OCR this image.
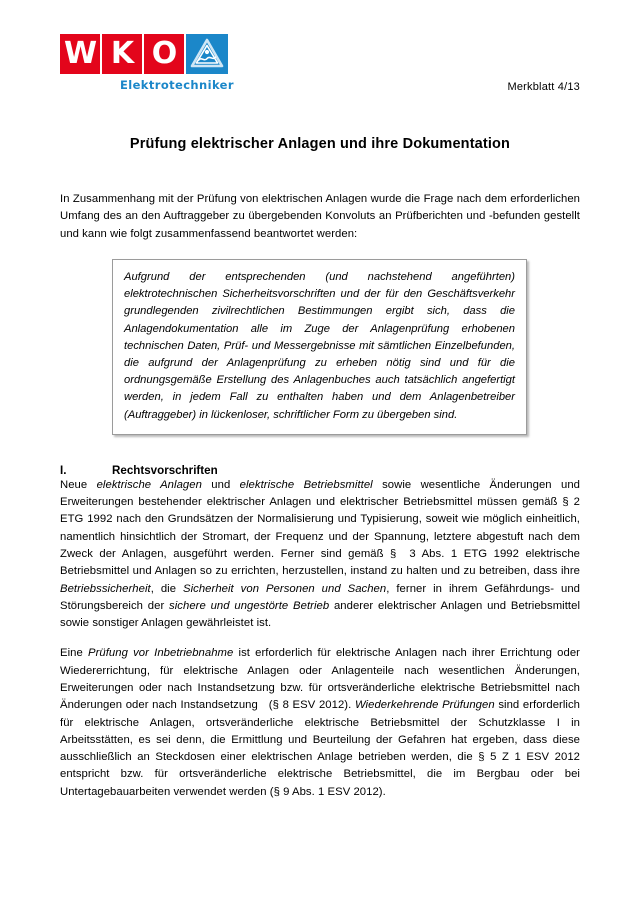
W K O
Elektrotechniker	Merkblatt 4/13
Prüfung elektrischer Anlagen und ihre Dokumentation

In Zusammenhang mit der Prüfung von elektrischen Anlagen wurde die Frage nach dem erforderlichen Umfang des an den Auftraggeber zu übergebenden Konvoluts an Prüfberichten und -befunden gestellt und kann wie folgt zusammenfassend beantwortet werden:

Aufgrund der entsprechenden (und nachstehend angeführten) elektrotechnischen Sicherheitsvorschriften und der für den Geschäftsverkehr grundlegenden zivilrechtlichen Bestimmungen ergibt sich, dass die Anlagendokumentation alle im Zuge der Anlagenprüfung erhobenen technischen Daten, Prüf- und Messergebnisse mit sämtlichen Einzelbefunden, die aufgrund der Anlagenprüfung zu erheben nötig sind und für die ordnungsgemäße Erstellung des Anlagenbuches auch tatsächlich angefertigt werden, in jedem Fall zu enthalten haben und dem Anlagenbetreiber (Auftraggeber) in lückenloser, schriftlicher Form zu übergeben sind.

I.	Rechtsvorschriften

Neue elektrische Anlagen und elektrische Betriebsmittel sowie wesentliche Änderungen und Erweiterungen bestehender elektrischer Anlagen und elektrischer Betriebsmittel müssen gemäß § 2 ETG 1992 nach den Grundsätzen der Normalisierung und Typisierung, soweit wie möglich einheitlich, namentlich hinsichtlich der Stromart, der Frequenz und der Spannung, letztere abgestuft nach dem Zweck der Anlagen, ausgeführt werden. Ferner sind gemäß §  3 Abs. 1 ETG 1992 elektrische Betriebsmittel und Anlagen so zu errichten, herzustellen, instand zu halten und zu betreiben, dass ihre Betriebssicherheit, die Sicherheit von Personen und Sachen, ferner in ihrem Gefährdungs- und Störungsbereich der sichere und ungestörte Betrieb anderer elektrischer Anlagen und Betriebsmittel sowie sonstiger Anlagen gewährleistet ist.

Eine Prüfung vor Inbetriebnahme ist erforderlich für elektrische Anlagen nach ihrer Errichtung oder Wiedererrichtung, für elektrische Anlagen oder Anlagenteile nach wesentlichen Änderungen, Erweiterungen oder nach Instandsetzung bzw. für ortsveränderliche elektrische Betriebsmittel nach Änderungen oder nach Instandsetzung   (§ 8 ESV 2012). Wiederkehrende Prüfungen sind erforderlich für elektrische Anlagen, ortsveränderliche elektrische Betriebsmittel der Schutzklasse I in Arbeitsstätten, es sei denn, die Ermittlung und Beurteilung der Gefahren hat ergeben, dass diese ausschließlich an Steckdosen einer elektrischen Anlage betrieben werden, die § 5 Z 1 ESV 2012 entspricht bzw. für ortsveränderliche elektrische Betriebsmittel, die im Bergbau oder bei Untertagebauarbeiten verwendet werden (§ 9 Abs. 1 ESV 2012).
